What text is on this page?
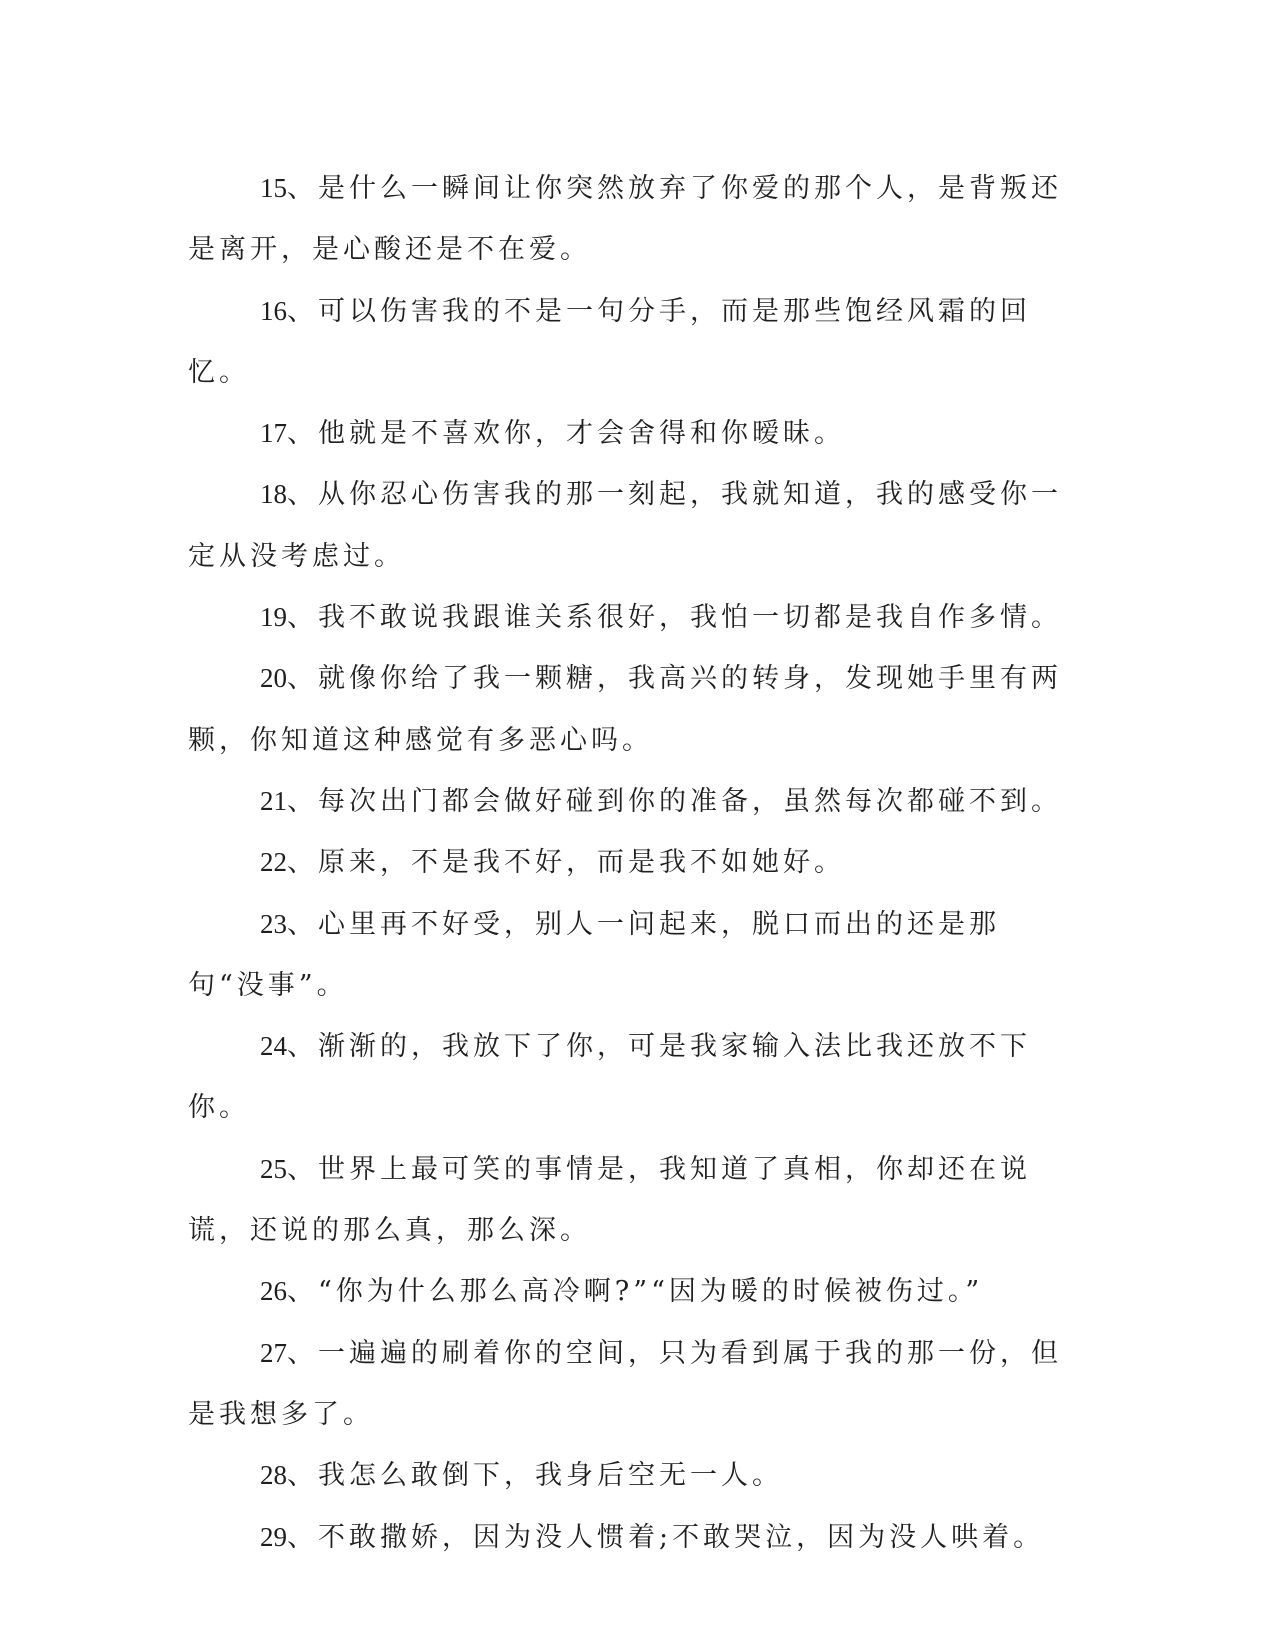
15、是什么一瞬间让你突然放弃了你爱的那个人，是背叛还是离开，是心酸还是不在爱。

16、可以伤害我的不是一句分手，而是那些饱经风霜的回忆。

17、他就是不喜欢你，才会舍得和你暧昧。

18、从你忍心伤害我的那一刻起，我就知道，我的感受你一定从没考虑过。

19、我不敢说我跟谁关系很好，我怕一切都是我自作多情。

20、就像你给了我一颗糖，我高兴的转身，发现她手里有两颗，你知道这种感觉有多恶心吗。

21、每次出门都会做好碰到你的准备，虽然每次都碰不到。

22、原来，不是我不好，而是我不如她好。

23、心里再不好受，别人一问起来，脱口而出的还是那句“没事”。

24、渐渐的，我放下了你，可是我家输入法比我还放不下你。

25、世界上最可笑的事情是，我知道了真相，你却还在说谎，还说的那么真，那么深。

26、“你为什么那么高冷啊?”“因为暖的时候被伤过。”

27、一遍遍的刷着你的空间，只为看到属于我的那一份，但是我想多了。

28、我怎么敢倒下，我身后空无一人。

29、不敢撒娇，因为没人惯着;不敢哭泣，因为没人哄着。
